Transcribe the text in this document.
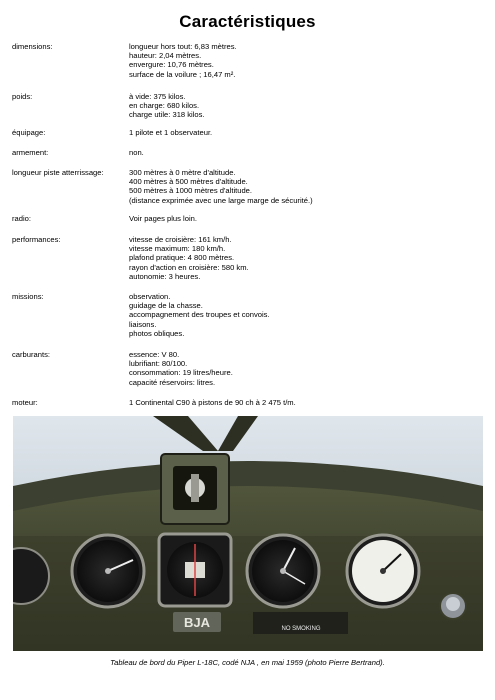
Caractéristiques
dimensions:	longueur hors tout: 6,83 mètres.
hauteur: 2,04 mètres.
envergure: 10,76 mètres.
surface de la voilure ; 16,47 m².
poids:	à vide: 375 kilos.
en charge: 680 kilos.
charge utile: 318 kilos.
équipage:	1 pilote et 1 observateur.
armement:	non.
longueur piste atterrissage:	300 mètres à 0 mètre d'altitude.
400 mètres à 500 mètres d'altitude.
500 mètres à 1000 mètres d'altitude.
(distance exprimée avec une large marge de sécurité.)
radio:	Voir pages plus loin.
performances:	vitesse de croisière: 161 km/h.
vitesse maximum: 180 km/h.
plafond pratique: 4 800 mètres.
rayon d'action en croisière: 580 km.
autonomie: 3 heures.
missions:	observation.
guidage de la chasse.
accompagnement des troupes et convois.
liaisons.
photos obliques.
carburants:	essence: V 80.
lubrifiant: 80/100.
consommation: 19 litres/heure.
capacité réservoirs: litres.
moteur:	1 Continental C90 à pistons de 90 ch à 2 475 t/m.
BJA	NO SMOKING
Tableau de bord du Piper L-18C, codé NJA , en mai 1959 (photo Pierre Bertrand).
